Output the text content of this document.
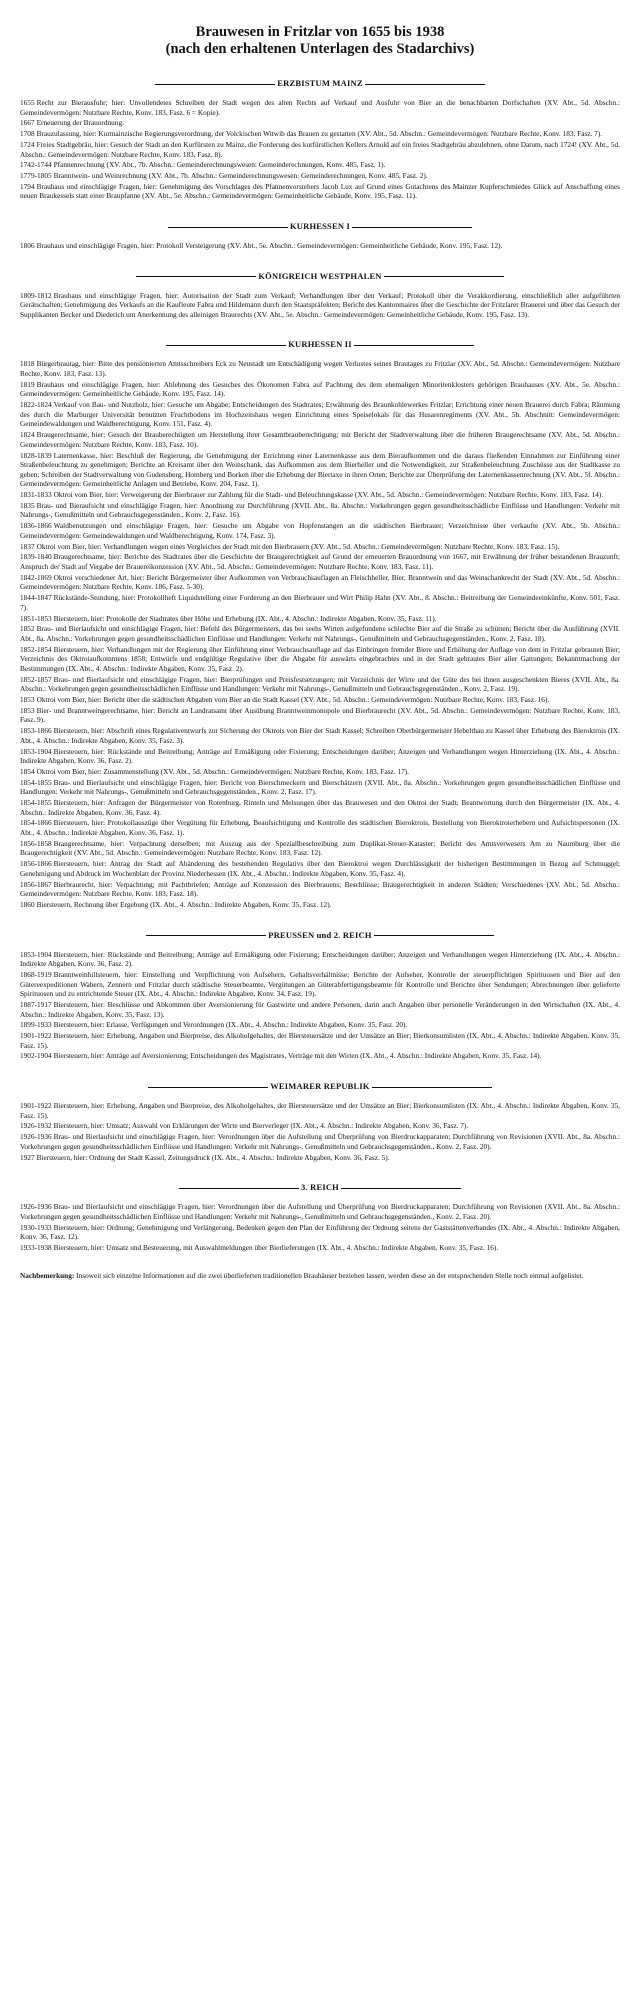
Brauwesen in Fritzlar von 1655 bis 1938
(nach den erhaltenen Unterlagen des Stadarchivs)
ERZBISTUM MAINZ

1655 Recht zur Bierausfuhr; hier: Unvollendetes Schreiben der Stadt wegen des alten Rechts auf Verkauf und Ausfuhr von Bier an die benachbarten Dorfschaften (XV. Abt., 5d. Abschn.: Gemeindevermögen: Nutzbare Rechte, Konv. 183, Fasz. 6 = Kopie).

1667 Erneuerung der Brauordnung.

1708 Brauzulassung, hier: Kurmainzische Regierungsverordnung, der Volckischen Witwib das Brauen zu gestatten (XV. Abt., 5d. Abschn.: Gemeindevermögen: Nutzbare Rechte, Konv. 183, Fasz. 7).

1724 Freies Stadtgebräu, hier: Gesuch der Stadt an den Kurfürsten zu Mainz, die Forderung des kurfürstlichen Kellers Arnold auf ein freies Stadtgebräu abzulehnen, ohne Datum, nach 1724! (XV. Abt., 5d. Abschn.: Gemeindevermögen: Nutzbare Rechte, Konv. 183, Fasz. 8).

1742-1744 Pfannenrechnung (XV. Abt., 7b. Abschn.: Gemeinderechnungswesen: Gemeinderechnungen, Konv. 485, Fasz. 1).

1779-1805 Branntwein- und Weinrechnung (XV. Abt., 7b. Abschn.: Gemeinderechnungswesen: Gemeinderechnungen, Konv. 485, Fasz. 2).

1794 Brauhaus und einschlägige Fragen, hier: Genehmigung des Vorschlages des Pfannenvorstehers Jacob Lux auf Grund eines Gutachtens des Mainzer Kupferschmiedes Glück auf Anschaffung eines neuen Braukessels statt einer Braupfanne (XV. Abt., 5e. Abschn.: Gemeindevermögen: Gemeinheitliche Gebäude, Konv. 195, Fasz. 11).

KURHESSEN I

1806 Brauhaus und einschlägige Fragen, hier: Protokoll Versteigerung (XV. Abt., 5e. Abschn.: Gemeindevermögen: Gemeinheitliche Gebäude, Konv. 195, Fasz. 12).

KÖNIGREICH WESTPHALEN

1809-1812 Brauhaus und einschlägige Fragen, hier: Autorisation der Stadt zum Verkauf; Verhandlungen über den Verkauf; Protokoll über die Verakkordierung, einschließlich aller aufgeführten Gerätschaften; Genehmigung des Verkaufs an die Kaufleute Fabra und Hildemann durch den Staatspräfekten; Bericht des Kantonmaires über die Geschichte der Fritzlarer Brauerei und über das Gesuch der Supplikanten Becker und Diederich um Anerkennung des alleinigen Braurechts (XV. Abt., 5e. Abschn.: Gemeindevermögen: Gemeinheitliche Gebäude, Konv. 195, Fasz. 13).

KURHESSEN II

1818 Bürgerbrautag, hier: Bitte des pensionierten Amtsschreibers Eck zu Neustadt um Entschädigung wegen Verlustes seines Brautages zu Fritzlar (XV. Abt., 5d. Abschn.: Gemeindevermögen: Nutzbare Rechte, Konv. 183, Fasz. 13).

1819 Brauhaus und einschlägige Fragen, hier: Ablehnung des Gesuches des Ökonomen Fabra auf Pachtung des dem ehemaligen Minoritenklosters gehörigen Brauhauses (XV. Abt., 5e. Abschn.: Gemeindevermögen: Gemeinheitliche Gebäude, Konv. 195, Fasz. 14).

1822-1824 Verkauf von Bau- und Nutzholz, hier: Gesuche um Abgabe; Entscheidungen des Stadtrates; Erwähnung des Braunkohlewerkes Fritzlar; Errichtung einer neuen Brauerei durch Fabra; Räumung des durch die Marburger Universität benutzten Fruchtbodens im Hochzeitshaus wegen Einrichtung eines Speiselokals für das Husarenregiments (XV. Abt., 5b. Abschnitt: Gemeindevermögen: Gemeindewaldungen und Waldberechtigung, Konv. 151, Fasz. 4).

1824 Braugerechtsame, hier: Gesuch der Brauberechtigten um Herstellung ihrer Gesamtbrauberechtigung; mit Bericht der Stadtverwaltung über die früheren Braugerechtsame (XV. Abt., 5d. Abschn.: Gemeindevermögen: Nutzbare Rechte, Konv. 183, Fasz. 10).

1828-1839 Laternenkasse, hier: Beschluß der Regierung, die Genehmigung der Errichtung einer Laternenkasse aus dem Bieraufkommen und die daraus fließenden Einnahmen zur Einführung einer Straßenbeleuchtung zu genehmigen; Berichte an Kreisamt über den Weinschank, das Aufkommen aus dem Bierheller und die Notwendigkeit, zur Straßenbeleuchtung Zuschüsse aus der Stadtkasse zu geben; Schreiben der Stadtverwaltung von Gudensberg, Homberg und Borken über die Erhebung der Biertaxe in ihren Orten; Berichte zur Überprüfung der Laternenkassenrechnung (XV. Abt., 5f. Abschn.: Gemeindevermögen: Gemeinheitliche Anlagen und Betriebe, Konv. 204, Fasz. 1).

1831-1833 Oktroi vom Bier, hier: Verweigerung der Bierbrauer zur Zahlung für die Stadt- und Beleuchtungskasse (XV. Abt., 5d. Abschn.: Gemeindevermögen: Nutzbare Rechte, Konv. 183, Fasz. 14).

1835 Brau- und Bieraufsicht und einschlägige Fragen, hier: Anordnung zur Durchführung (XVII. Abt., 8a. Abschn.: Vorkehrungen gegen gesundheitsschädliche Einflüsse und Handlungen: Verkehr mit Nahrungs-, Genußmitteln und Gebrauchsgegenständen., Konv. 2, Fasz. 16).

1836-1866 Waldbenutzungen und einschlägige Fragen, hier: Gesuche um Abgabe von Hopfenstangen an die städtischen Bierbrauer; Verzeichnisse über verkaufte (XV. Abt., 5b. Abschn.: Gemeindevermögen: Gemeindewaldungen und Waldberechtigung, Konv. 174, Fasz. 3).

1837 Oktroi vom Bier, hier: Verhandlungen wegen eines Vergleiches der Stadt mit den Bierbrauern (XV. Abt., 5d. Abschn.: Gemeindevermögen: Nutzbare Rechte, Konv. 183, Fasz. 15).

1839-1840 Braugerechtsame, hier: Berichte des Stadtrates über die Geschichte der Braugerechtigkeit auf Grund der erneuerten Brauordnung von 1667, mit Erwähnung der früher bestandenen Brauzunft; Anspruch der Stadt auf Vergabe der Brauereikonzession (XV. Abt., 5d. Abschn.: Gemeindevermögen: Nutzbare Rechte, Konv. 183, Fasz. 11).

1842-1869 Oktroi verschiedener Art, hier: Bericht Bürgermeister über Aufkommen von Verbrauchsauflagen an Fleischheller, Bier, Branntwein und das Weinschankrecht der Stadt (XV. Abt., 5d. Abschn.: Gemeindevermögen: Nutzbare Rechte, Konv. 186, Fasz. 5-30).

1844-1847 Rückstände-Stundung, hier: Protokollheft Liquidstellung einer Forderung an den Bierbrauer und Wirt Philip Hahn (XV. Abt., 8. Abschn.: Beitreibung der Gemeindeeinkünfte, Konv. 501, Fasz. 7).

1851-1853 Biersteuern, hier: Protokolle der Stadtrates über Höhe und Erhebung (IX. Abt., 4. Abschn.: Indirekte Abgaben, Konv. 35, Fasz. 11).

1852 Brau- und Bierlaufsicht und einschlägige Fragen, hier: Befehl des Bürgermeisters, das bei seehs Wirten aufgefundene schlechte Bier auf die Straße zu schütten; Bericht über die Ausführung (XVII. Abt., 8a. Abschn.: Vorkehrungen gegen gesundheitsschädlichen Einflüsse und Handlungen: Verkehr mit Nahrungs-, Genußmitteln und Gebrauchsgegenständen., Konv. 2, Fasz. 18).

1852-1854 Biersteuern, hier: Verhandlungen mit der Regierung über Einführung einer Verbrauchsauflage auf das Einbringen fremder Biere und Erhöhung der Auflage von dem in Fritzlar gebrauten Bier; Verzeichnis des Oktroiaufkommens 1858; Entwürfe und endgültige Regulative über die Abgabe für auswärts eingebrachtes und in der Stadt gebrautes Bier aller Gattungen; Bekanntmachung der Bestimmungen (IX. Abt., 4. Abschn.: Indirekte Abgaben, Konv. 35, Fasz. 2).

1852-1857 Brau- und Bierlaufsicht und einschlägige Fragen, hier: Bierprüfungen und Preisfestsetzungen; mit Verzeichnis der Wirte und der Güte des bei ihnen ausgeschenkten Bieres (XVII. Abt., 8a. Abschn.: Vorkehrungen gegen gesundheitsschädlichen Einflüsse und Handlungen: Verkehr mit Nahrungs-, Genußmitteln und Gebrauchsgegenständen., Konv. 2, Fasz. 19).

1853 Oktroi vom Bier, hier: Bericht über die städtischen Abgaben vom Bier an die Stadt Kassel (XV. Abt., 5d. Abschn.: Gemeindevermögen: Nutzbare Rechte, Konv. 183, Fasz. 16).

1853 Bier- und Branntweingerechtsame, hier: Bericht an Landratsamt über Ausübung Branntweinmonopole und Bierbraurecht (XV. Abt., 5d. Abschn.: Gemeindevermögen: Nutzbare Rechte, Konv. 183, Fasz. 9).

1853-1866 Biersteuern, hier: Abschrift eines Regulativentwurfs zur Sicherung der Oktrois von Bier der Stadt Kassel; Schreiben Oberbürgermeister Hebelthau zu Kassel über Erhebung des Bieroktrois (IX. Abt., 4. Abschn.: Indirekte Abgaben, Konv. 35, Fasz. 3).

1853-1904 Biersteuern, hier: Rückstände und Beitreibung; Anträge auf Ermäßigung oder Fixierung; Entscheidungen darüber; Anzeigen und Verhandlungen wegen Hinterziehung (IX. Abt., 4. Abschn.: Indirekte Abgaben, Konv. 36, Fasz. 2).

1854 Oktroi vom Bier, hier: Zusammenstellung (XV. Abt., 5d. Abschn.: Gemeindevermögen: Nutzbare Rechte, Konv. 183, Fasz. 17).

1854-1855 Brau- und Bierlaufsicht und einschlägige Fragen, hier: Bericht von Bierschmeckern und Bierschätzern (XVII. Abt., 8a. Abschn.: Vorkehrungen gegen gesundheitsschädlichen Einflüsse und Handlungen: Verkehr mit Nahrungs-, Genußmitteln und Gebrauchsgegenständen., Konv. 2, Fasz. 17).

1854-1855 Biersteuern, hier: Anfragen der Bürgermeister von Rotenburg, Rinteln und Melsungen über das Brauwesen und den Oktroi der Stadt; Beantwortung durch den Bürgermeister (IX. Abt., 4. Abschn.: Indirekte Abgaben, Konv. 36, Fasz. 4).

1854-1866 Biersteuern, hier: Protokollauszüge über Vergütung für Erhebung, Beaufsichtigung und Kontrolle des städtischen Bieroktrois, Bestellung von Bieroktroierhebern und Aufsichtspersonen (IX. Abt., 4. Abschn.: Indirekte Abgaben, Konv. 36, Fasz. 1).

1856-1858 Braugerechtsame, hier: Verpachtung derselben; mit Auszug aus der Speziallbeschreibung zum Duplikat-Steuer-Kataster; Bericht des Amtsverwesers Am zu Naumburg über die Braugerechtigkeit (XV. Abt., 5d. Abschn.: Gemeindevermögen: Nutzbare Rechte, Konv. 183, Fasz. 12).

1856-1866 Biersteuern, hier: Antrag der Stadt auf Abänderung des bestehenden Regulativs über den Bieroktroi wegen Durchlässigkeit der bisherigen Bestimmungen in Bezug auf Schmuggel; Genehmigung und Abdruck im Wochenblatt der Provinz Niederhessen (IX. Abt., 4. Abschn.: Indirekte Abgaben, Konv. 35, Fasz. 4).

1856-1867 Bierbraurecht, hier: Verpachtung; mit Pachtbriefen; Anträge auf Konzession des Bierbrauens; Beschlüsse; Braugerechtigkeit in anderen Städten; Verschiedenes (XV. Abt., 5d. Abschn.: Gemeindevermögen: Nutzbare Rechte, Konv. 183, Fasz. 18).

1860 Biersteuern, Rechnung über Ergebung (IX. Abt., 4. Abschn.: Indirekte Abgaben, Konv. 35, Fasz. 12).

PREUSSEN und 2. REICH

1853-1904 Biersteuern, hier: Rückstände und Beitreibung; Anträge auf Ermäßigung oder Fixierung; Entscheidungen darüber; Anzeigen und Verhandlungen wegen Hinterziehung (IX. Abt., 4. Abschn.: Indirekte Abgaben, Konv. 36, Fasz. 2).

1868-1919 Branntweinhillsteuern, hier: Einstellung und Verpflichtung von Aufsehern, Gehaltsverhältnisse; Berichte der Aufseher, Kontrolle der steuerpflichtigen Spirituosen und Bier auf den Gütereexpeditionen Wabern, Zennern und Fritzlar durch städtische Steuerbeamte, Vergütungen an Güterabfertigungsbeamte für Kontrolle und Berichte über Sendungen; Abrechnungen über gelieferte Spirituosen und zu entrichtende Steuer (IX. Abt., 4. Abschn.: Indirekte Abgaben, Konv. 34, Fasz. 19).

1887-1917 Biersteuern, hier: Beschlüsse und Abkommen über Aversionierung für Gastwirte und andere Personen, darin auch Angaben über personelle Veränderungen in den Wirtschaften (IX. Abt., 4. Abschn.: Indirekte Abgaben, Konv. 35, Fasz. 13).

1899-1933 Biersteuern, hier: Erlasse, Verfügungen und Verordnungen (IX. Abt., 4. Abschn.: Indirekte Abgaben, Konv. 35, Fasz. 20).

1901-1922 Biersteuern, hier: Erhebung, Angaben und Bierpreise, des Alkoholgehaltes, der Biersteuersätze und der Umsätze an Bier; Bierkonsumlisten (IX. Abt., 4. Abschn.: Indirekte Abgaben, Konv. 35, Fasz. 15).

1902-1904 Biersteuern, hier: Anträge auf Aversionierung; Entscheidungen des Magistrates, Verträge mit den Wirten (IX. Abt., 4. Abschn.: Indirekte Abgaben, Konv. 35, Fasz. 14).

WEIMARER REPUBLIK

1901-1922 Biersteuern, hier: Erhebung, Angaben und Bierpreise, des Alkoholgehaltes, der Biersteuersätze und der Umsätze an Bier; Bierkonsumlisten (IX. Abt., 4. Abschn.: Indirekte Abgaben, Konv. 35, Fasz. 15).

1926-1932 Biersteuern, hier: Umsatz; Auswahl von Erklärungen der Wirte und Bierverleger (IX. Abt., 4. Abschn.: Indirekte Abgaben, Konv. 36, Fasz. 7).

1926-1936 Brau- und Bierlaufsicht und einschlägige Fragen, hier: Verordnungen über die Aufstellung und Überprüfung von Bierdruckapparaten; Durchführung von Revisionen (XVII. Abt., 8a. Abschn.: Vorkehrungen gegen gesundheitsschädlichen Einflüsse und Handlungen: Verkehr mit Nahrungs-, Genußmitteln und Gebrauchsgegenständen., Konv. 2, Fasz. 20).

1927 Biersteuern, hier: Ordnung der Stadt Kassel, Zeitungsdruck (IX. Abt., 4. Abschn.: Indirekte Abgaben, Konv. 36, Fasz. 5).

3. REICH

1926-1936 Brau- und Bierlaufsicht und einschlägige Fragen, hier: Verordnungen über die Aufstellung und Überprüfung von Bierdruckapparaten; Durchführung von Revisionen (XVII. Abt., 8a. Abschn.: Vorkehrungen gegen gesundheitsschädlichen Einflüsse und Handlungen: Verkehr mit Nahrungs-, Genußmitteln und Gebrauchsgegenständen., Konv. 2, Fasz. 20).

1930-1933 Biersteuern, hier: Ordnung; Genehmigung und Verlängerung, Bedenken gegen den Plan der Einführung der Ordnung seitens der Gaststättenverbandes (IX. Abt., 4. Abschn.: Indirekte Abgaben, Konv. 36, Fasz. 12).

1933-1938 Biersteuern, hier: Umsatz und Besteuerung, mit Auswahlmeldungen über Bierlieferungen (IX. Abt., 4. Abschn.: Indirekte Abgaben, Konv. 35, Fasz. 16).

Nachbemerkung: Insoweit sich einzelne Informationen auf die zwei überlieferten traditionellen Brauhäuser beziehen lassen, werden diese an der entsprechenden Stelle noch einmal aufgelistet.
